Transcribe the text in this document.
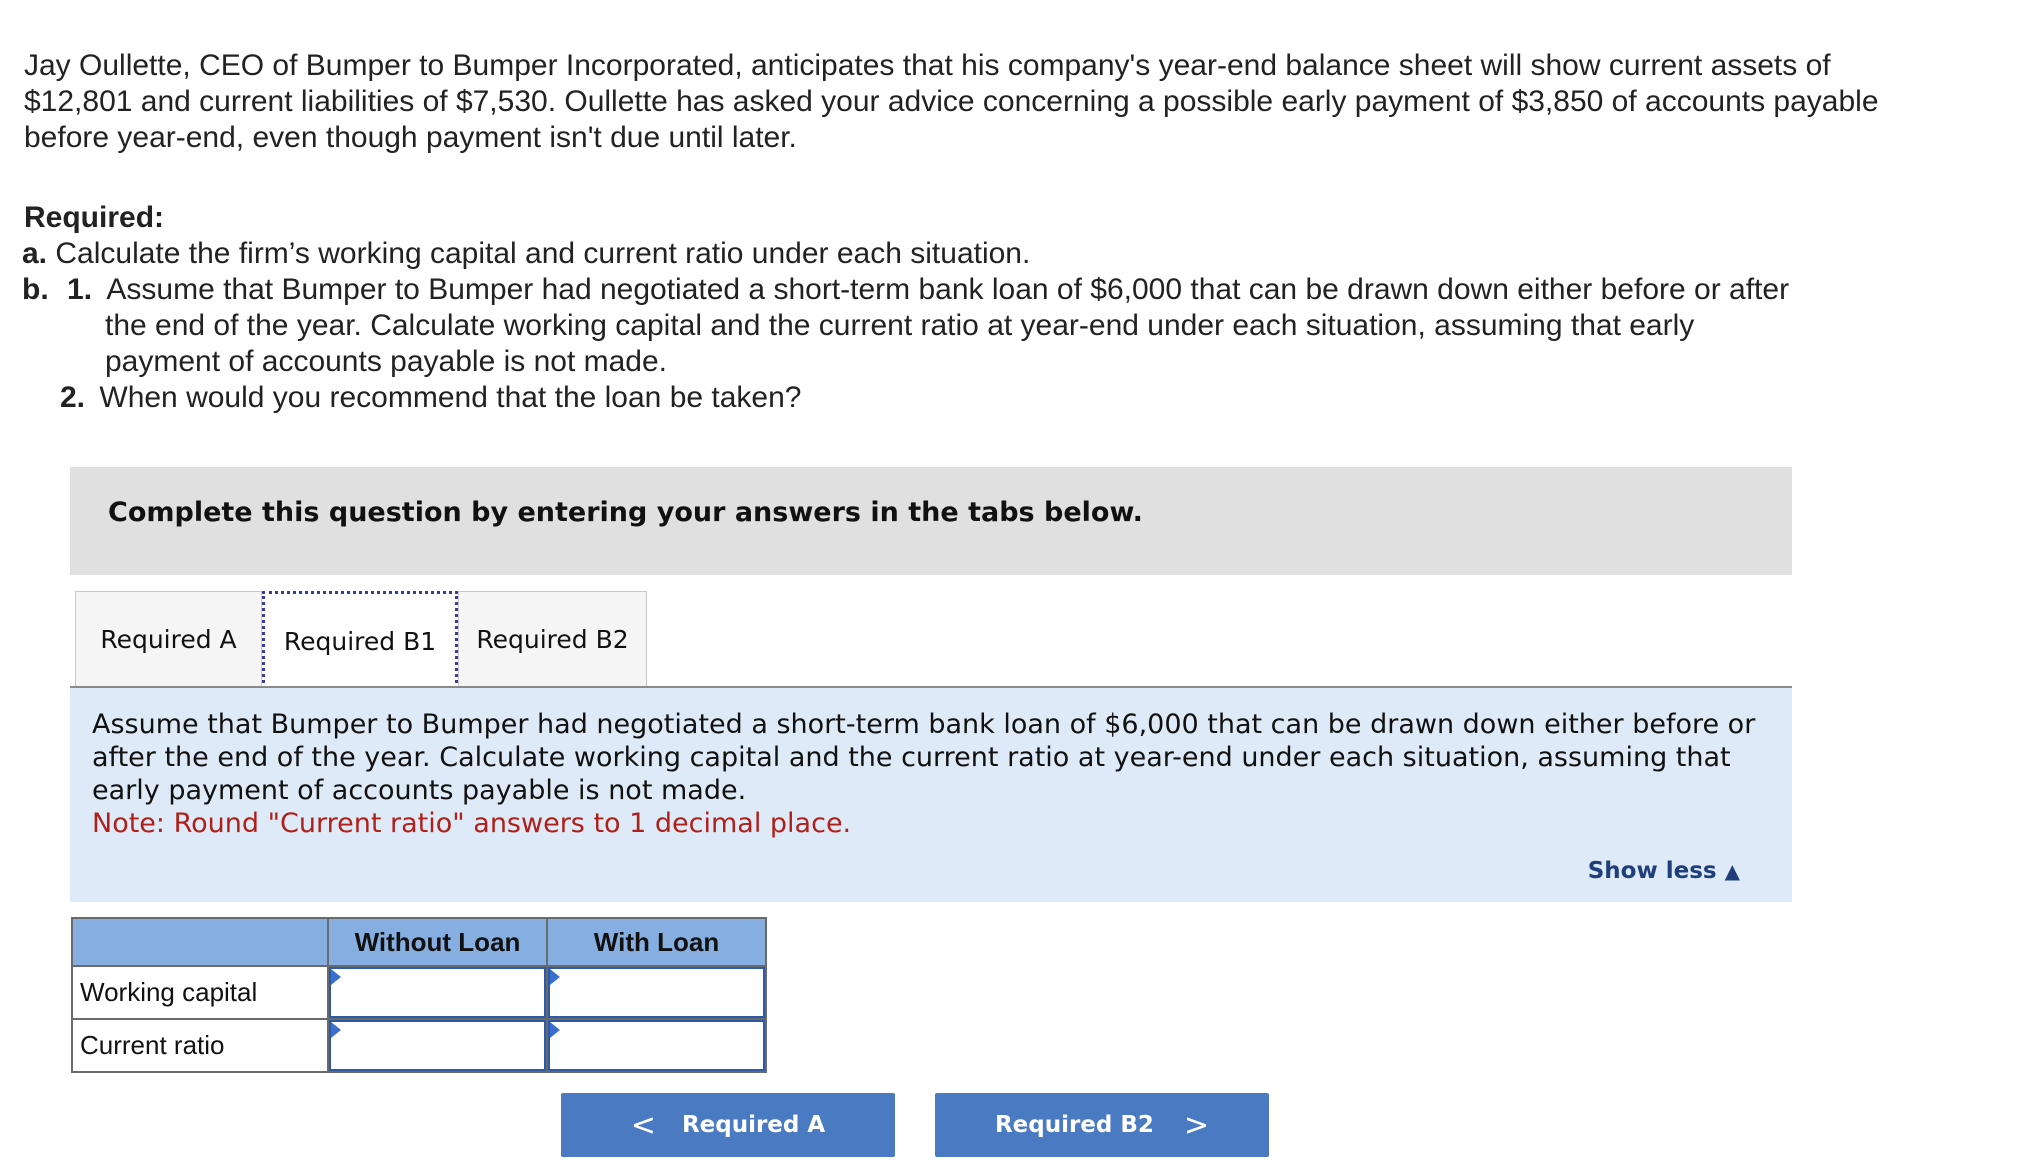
Jay Oullette, CEO of Bumper to Bumper Incorporated, anticipates that his company's year-end balance sheet will show current assets of $12,801 and current liabilities of $7,530. Oullette has asked your advice concerning a possible early payment of $3,850 of accounts payable before year-end, even though payment isn't due until later.
Required:
a. Calculate the firm’s working capital and current ratio under each situation.
b. 1. Assume that Bumper to Bumper had negotiated a short-term bank loan of $6,000 that can be drawn down either before or after
the end of the year. Calculate working capital and the current ratio at year-end under each situation, assuming that early
payment of accounts payable is not made.
2. When would you recommend that the loan be taken?
Complete this question by entering your answers in the tabs below.
Required A	Required B1	Required B2
Assume that Bumper to Bumper had negotiated a short-term bank loan of $6,000 that can be drawn down either before or after the end of the year. Calculate working capital and the current ratio at year-end under each situation, assuming that early payment of accounts payable is not made.
Note: Round "Current ratio" answers to 1 decimal place.
Show less ▲
	Without Loan	With Loan
Working capital	

Current ratio	

< Required A	Required B2 >
